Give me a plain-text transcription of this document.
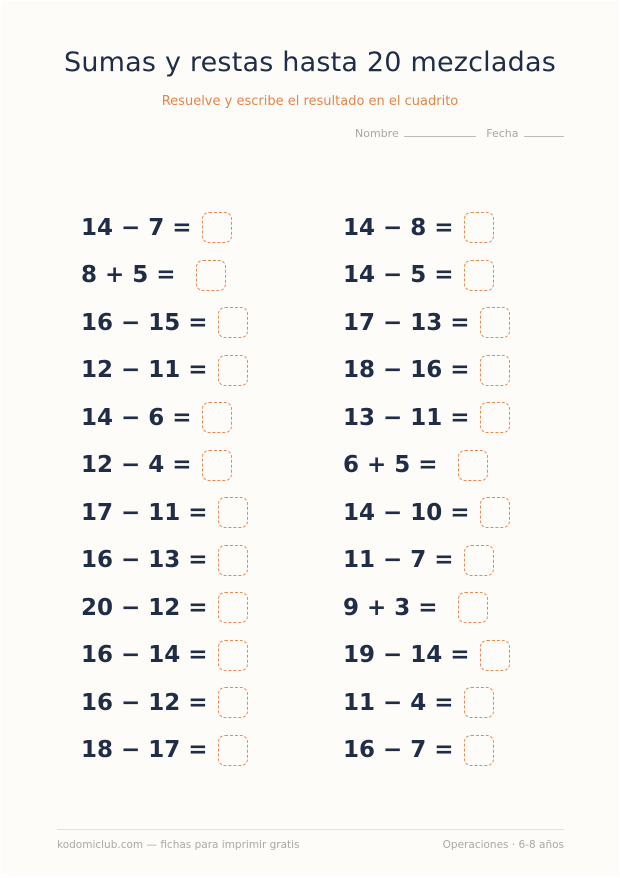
Sumas y restas hasta 20 mezcladas
Resuelve y escribe el resultado en el cuadrito
Nombre	Fecha
14 − 7 =
8 + 5 =
16 − 15 =
12 − 11 =
14 − 6 =
12 − 4 =
17 − 11 =
16 − 13 =
20 − 12 =
16 − 14 =
16 − 12 =
18 − 17 =
14 − 8 =
14 − 5 =
17 − 13 =
18 − 16 =
13 − 11 =
6 + 5 =
14 − 10 =
11 − 7 =
9 + 3 =
19 − 14 =
11 − 4 =
16 − 7 =
kodomiclub.com — fichas para imprimir gratis	Operaciones · 6-8 años
